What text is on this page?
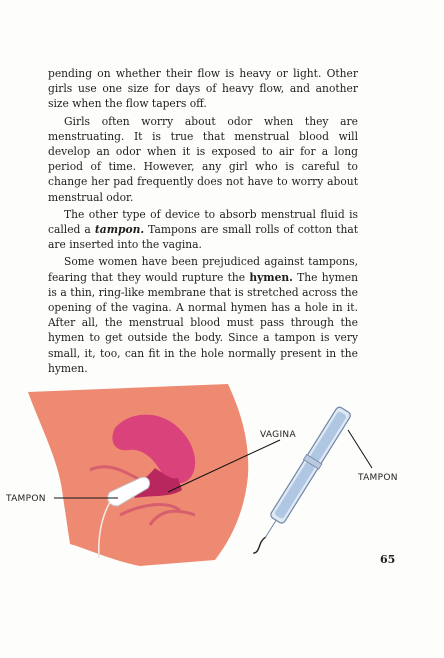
pending on whether their flow is heavy or light. Other girls use one size for days of heavy flow, and another size when the flow tapers off.

Girls often worry about odor when they are menstruating. It is true that menstrual blood will develop an odor when it is exposed to air for a long period of time. However, any girl who is careful to change her pad frequently does not have to worry about menstrual odor.

The other type of device to absorb menstrual fluid is called a tampon. Tampons are small rolls of cotton that are inserted into the vagina.

Some women have been prejudiced against tampons, fearing that they would rupture the hymen. The hymen is a thin, ring-like membrane that is stretched across the opening of the vagina. A normal hymen has a hole in it. After all, the menstrual blood must pass through the hymen to get outside the body. Since a tampon is very small, it, too, can fit in the hole normally present in the hymen.

VAGINA
TAMPON
TAMPON
65
